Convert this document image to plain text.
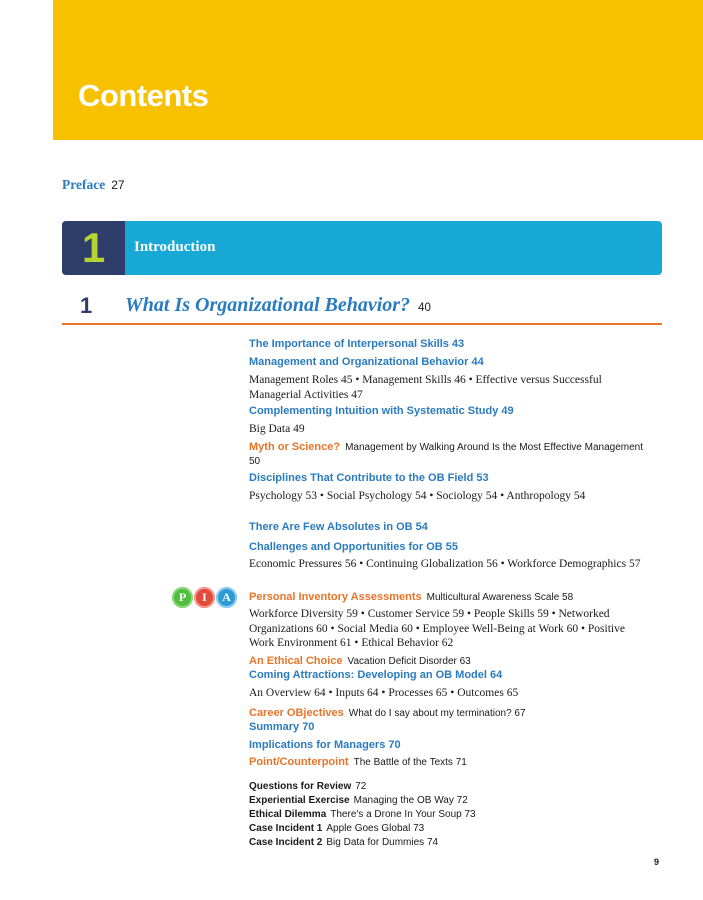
Contents
Preface 27
1	Introduction
1 What Is Organizational Behavior? 40
The Importance of Interpersonal Skills 43
Management and Organizational Behavior 44
Management Roles 45 • Management Skills 46 • Effective versus Successful Managerial Activities 47
Complementing Intuition with Systematic Study 49
Big Data 49
Myth or Science? Management by Walking Around Is the Most Effective Management 50
Disciplines That Contribute to the OB Field 53
Psychology 53 • Social Psychology 54 • Sociology 54 • Anthropology 54
There Are Few Absolutes in OB 54
Challenges and Opportunities for OB 55
Economic Pressures 56 • Continuing Globalization 56 • Workforce Demographics 57
P	I	A	Personal Inventory Assessments Multicultural Awareness Scale 58
Workforce Diversity 59 • Customer Service 59 • People Skills 59 • Networked Organizations 60 • Social Media 60 • Employee Well-Being at Work 60 • Positive Work Environment 61 • Ethical Behavior 62
An Ethical Choice Vacation Deficit Disorder 63
Coming Attractions: Developing an OB Model 64
An Overview 64 • Inputs 64 • Processes 65 • Outcomes 65
Career OBjectives What do I say about my termination? 67
Summary 70
Implications for Managers 70
Point/Counterpoint The Battle of the Texts 71
Questions for Review 72
Experiential Exercise Managing the OB Way 72
Ethical Dilemma There's a Drone In Your Soup 73
Case Incident 1 Apple Goes Global 73
Case Incident 2 Big Data for Dummies 74
9
